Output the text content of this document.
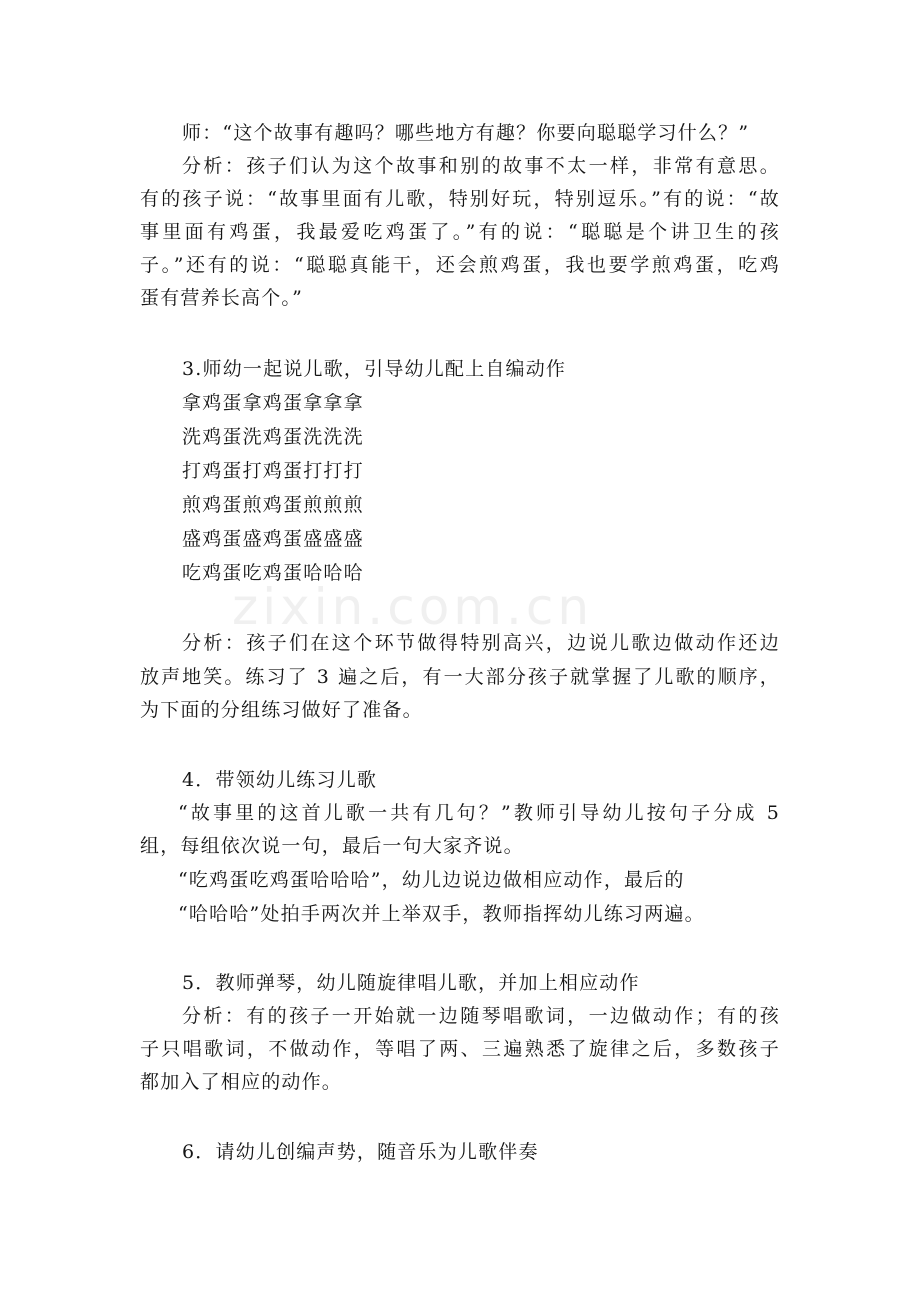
zixin.com.cn
师：“这个故事有趣吗？哪些地方有趣？你要向聪聪学习什么？”
分析：孩子们认为这个故事和别的故事不太一样，非常有意思。
有的孩子说：“故事里面有儿歌，特别好玩，特别逗乐。”有的说：“故
事里面有鸡蛋，我最爱吃鸡蛋了。”有的说：“聪聪是个讲卫生的孩
子。”还有的说：“聪聪真能干，还会煎鸡蛋，我也要学煎鸡蛋，吃鸡
蛋有营养长高个。”
3.师幼一起说儿歌，引导幼儿配上自编动作
拿鸡蛋拿鸡蛋拿拿拿
洗鸡蛋洗鸡蛋洗洗洗
打鸡蛋打鸡蛋打打打
煎鸡蛋煎鸡蛋煎煎煎
盛鸡蛋盛鸡蛋盛盛盛
吃鸡蛋吃鸡蛋哈哈哈
分析：孩子们在这个环节做得特别高兴，边说儿歌边做动作还边
放声地笑。练习了 3 遍之后，有一大部分孩子就掌握了儿歌的顺序，
为下面的分组练习做好了准备。
4．带领幼儿练习儿歌
“故事里的这首儿歌一共有几句？”教师引导幼儿按句子分成 5
组，每组依次说一句，最后一句大家齐说。
“吃鸡蛋吃鸡蛋哈哈哈”，幼儿边说边做相应动作，最后的
“哈哈哈”处拍手两次并上举双手，教师指挥幼儿练习两遍。
5．教师弹琴，幼儿随旋律唱儿歌，并加上相应动作
分析：有的孩子一开始就一边随琴唱歌词，一边做动作；有的孩
子只唱歌词，不做动作，等唱了两、三遍熟悉了旋律之后，多数孩子
都加入了相应的动作。
6．请幼儿创编声势，随音乐为儿歌伴奏
